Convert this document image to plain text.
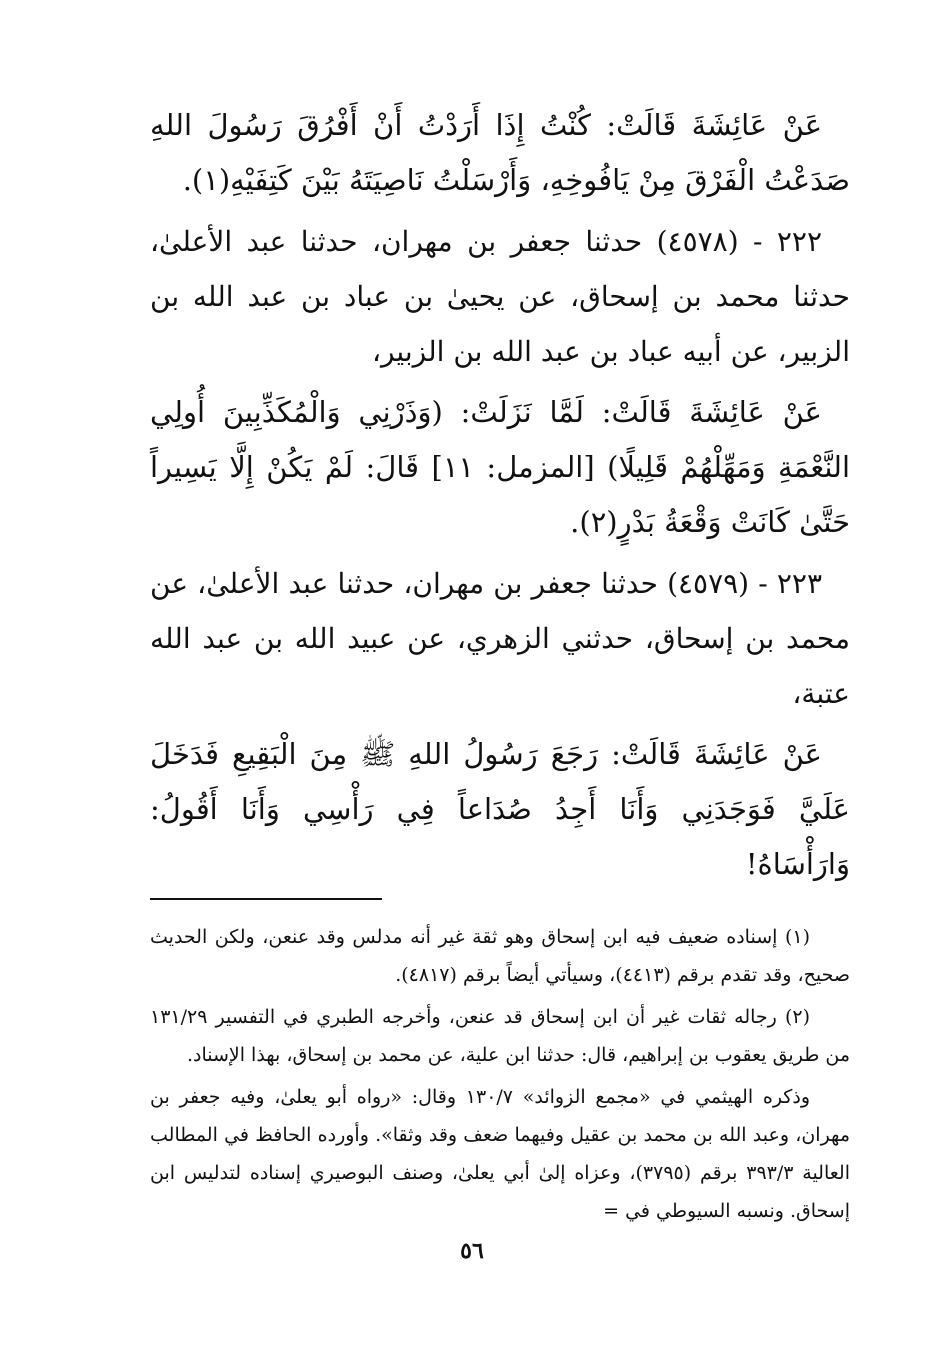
عَنْ عَائِشَةَ قَالَتْ: كُنْتُ إِذَا أَرَدْتُ أَنْ أَفْرُقَ رَسُولَ اللهِ صَدَعْتُ الْفَرْقَ مِنْ يَافُوخِهِ، وَأَرْسَلْتُ نَاصِيَتَهُ بَيْنَ كَتِفَيْهِ(١).

٢٢٢ - (٤٥٧٨) حدثنا جعفر بن مهران، حدثنا عبد الأعلىٰ، حدثنا محمد بن إسحاق، عن يحيىٰ بن عباد بن عبد الله بن الزبير، عن أبيه عباد بن عبد الله بن الزبير،

عَنْ عَائِشَةَ قَالَتْ: لَمَّا نَزَلَتْ: (وَذَرْنِي وَالْمُكَذِّبِينَ أُولِي النَّعْمَةِ وَمَهِّلْهُمْ قَلِيلًا) [المزمل: ١١] قَالَ: لَمْ يَكُنْ إِلَّا يَسِيراً حَتَّىٰ كَانَتْ وَقْعَةُ بَدْرٍ(٢).

٢٢٣ - (٤٥٧٩) حدثنا جعفر بن مهران، حدثنا عبد الأعلىٰ، عن محمد بن إسحاق، حدثني الزهري، عن عبيد الله بن عبد الله عتبة،

عَنْ عَائِشَةَ قَالَتْ: رَجَعَ رَسُولُ اللهِ ﷺ مِنَ الْبَقِيعِ فَدَخَلَ عَلَيَّ فَوَجَدَنِي وَأَنَا أَجِدُ صُدَاعاً فِي رَأْسِي وَأَنَا أَقُولُ: وَارَأْسَاهُ!

(١) إسناده ضعيف فيه ابن إسحاق وهو ثقة غير أنه مدلس وقد عنعن، ولكن الحديث صحيح، وقد تقدم برقم (٤٤١٣)، وسيأتي أيضاً برقم (٤٨١٧).

(٢) رجاله ثقات غير أن ابن إسحاق قد عنعن، وأخرجه الطبري في التفسير ١٣١/٢٩ من طريق يعقوب بن إبراهيم، قال: حدثنا ابن علية، عن محمد بن إسحاق، بهذا الإسناد.

وذكره الهيثمي في «مجمع الزوائد» ١٣٠/٧ وقال: «رواه أبو يعلىٰ، وفيه جعفر بن مهران، وعبد الله بن محمد بن عقيل وفيهما ضعف وقد وثقا». وأورده الحافظ في المطالب العالية ٣٩٣/٣ برقم (٣٧٩٥)، وعزاه إلىٰ أبي يعلىٰ، وصنف البوصيري إسناده لتدليس ابن إسحاق. ونسبه السيوطي في =

٥٦
